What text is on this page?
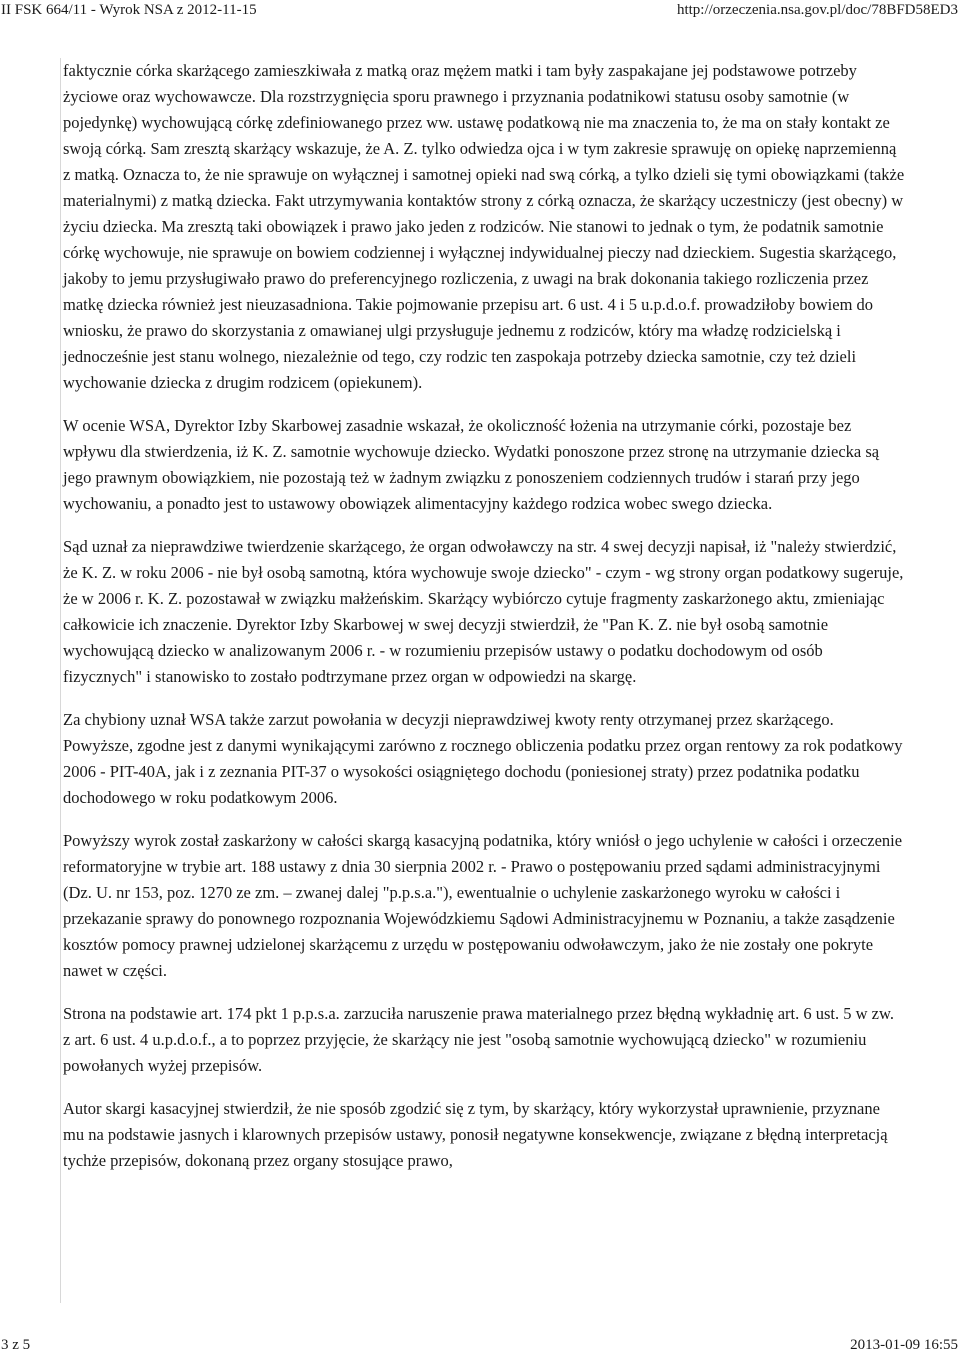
II FSK 664/11 - Wyrok NSA z 2012-11-15	http://orzeczenia.nsa.gov.pl/doc/78BFD58ED3

faktycznie córka skarżącego zamieszkiwała z matką oraz mężem matki i tam były zaspakajane jej podstawowe potrzeby życiowe oraz wychowawcze. Dla rozstrzygnięcia sporu prawnego i przyznania podatnikowi statusu osoby samotnie (w pojedynkę) wychowującą córkę zdefiniowanego przez ww. ustawę podatkową nie ma znaczenia to, że ma on stały kontakt ze swoją córką. Sam zresztą skarżący wskazuje, że A. Z. tylko odwiedza ojca i w tym zakresie sprawuję on opiekę naprzemienną z matką. Oznacza to, że nie sprawuje on wyłącznej i samotnej opieki nad swą córką, a tylko dzieli się tymi obowiązkami (także materialnymi) z matką dziecka. Fakt utrzymywania kontaktów strony z córką oznacza, że skarżący uczestniczy (jest obecny) w życiu dziecka. Ma zresztą taki obowiązek i prawo jako jeden z rodziców. Nie stanowi to jednak o tym, że podatnik samotnie córkę wychowuje, nie sprawuje on bowiem codziennej i wyłącznej indywidualnej pieczy nad dzieckiem. Sugestia skarżącego, jakoby to jemu przysługiwało prawo do preferencyjnego rozliczenia, z uwagi na brak dokonania takiego rozliczenia przez matkę dziecka również jest nieuzasadniona. Takie pojmowanie przepisu art. 6 ust. 4 i 5 u.p.d.o.f. prowadziłoby bowiem do wniosku, że prawo do skorzystania z omawianej ulgi przysługuje jednemu z rodziców, który ma władzę rodzicielską i jednocześnie jest stanu wolnego, niezależnie od tego, czy rodzic ten zaspokaja potrzeby dziecka samotnie, czy też dzieli wychowanie dziecka z drugim rodzicem (opiekunem).

W ocenie WSA, Dyrektor Izby Skarbowej zasadnie wskazał, że okoliczność łożenia na utrzymanie córki, pozostaje bez wpływu dla stwierdzenia, iż K. Z. samotnie wychowuje dziecko. Wydatki ponoszone przez stronę na utrzymanie dziecka są jego prawnym obowiązkiem, nie pozostają też w żadnym związku z ponoszeniem codziennych trudów i starań przy jego wychowaniu, a ponadto jest to ustawowy obowiązek alimentacyjny każdego rodzica wobec swego dziecka.

Sąd uznał za nieprawdziwe twierdzenie skarżącego, że organ odwoławczy na str. 4 swej decyzji napisał, iż "należy stwierdzić, że K. Z. w roku 2006 - nie był osobą samotną, która wychowuje swoje dziecko" - czym - wg strony organ podatkowy sugeruje, że w 2006 r. K. Z. pozostawał w związku małżeńskim. Skarżący wybiórczo cytuje fragmenty zaskarżonego aktu, zmieniając całkowicie ich znaczenie. Dyrektor Izby Skarbowej w swej decyzji stwierdził, że "Pan K. Z. nie był osobą samotnie wychowującą dziecko w analizowanym 2006 r. - w rozumieniu przepisów ustawy o podatku dochodowym od osób fizycznych" i stanowisko to zostało podtrzymane przez organ w odpowiedzi na skargę.

Za chybiony uznał WSA także zarzut powołania w decyzji nieprawdziwej kwoty renty otrzymanej przez skarżącego. Powyższe, zgodne jest z danymi wynikającymi zarówno z rocznego obliczenia podatku przez organ rentowy za rok podatkowy 2006 - PIT-40A, jak i z zeznania PIT-37 o wysokości osiągniętego dochodu (poniesionej straty) przez podatnika podatku dochodowego w roku podatkowym 2006.

Powyższy wyrok został zaskarżony w całości skargą kasacyjną podatnika, który wniósł o jego uchylenie w całości i orzeczenie reformatoryjne w trybie art. 188 ustawy z dnia 30 sierpnia 2002 r. - Prawo o postępowaniu przed sądami administracyjnymi (Dz. U. nr 153, poz. 1270 ze zm. – zwanej dalej "p.p.s.a."), ewentualnie o uchylenie zaskarżonego wyroku w całości i przekazanie sprawy do ponownego rozpoznania Wojewódzkiemu Sądowi Administracyjnemu w Poznaniu, a także zasądzenie kosztów pomocy prawnej udzielonej skarżącemu z urzędu w postępowaniu odwoławczym, jako że nie zostały one pokryte nawet w części.

Strona na podstawie art. 174 pkt 1 p.p.s.a. zarzuciła naruszenie prawa materialnego przez błędną wykładnię art. 6 ust. 5 w zw. z art. 6 ust. 4 u.p.d.o.f., a to poprzez przyjęcie, że skarżący nie jest "osobą samotnie wychowującą dziecko" w rozumieniu powołanych wyżej przepisów.

Autor skargi kasacyjnej stwierdził, że nie sposób zgodzić się z tym, by skarżący, który wykorzystał uprawnienie, przyznane mu na podstawie jasnych i klarownych przepisów ustawy, ponosił negatywne konsekwencje, związane z błędną interpretacją tychże przepisów, dokonaną przez organy stosujące prawo,

3 z 5	2013-01-09 16:55
